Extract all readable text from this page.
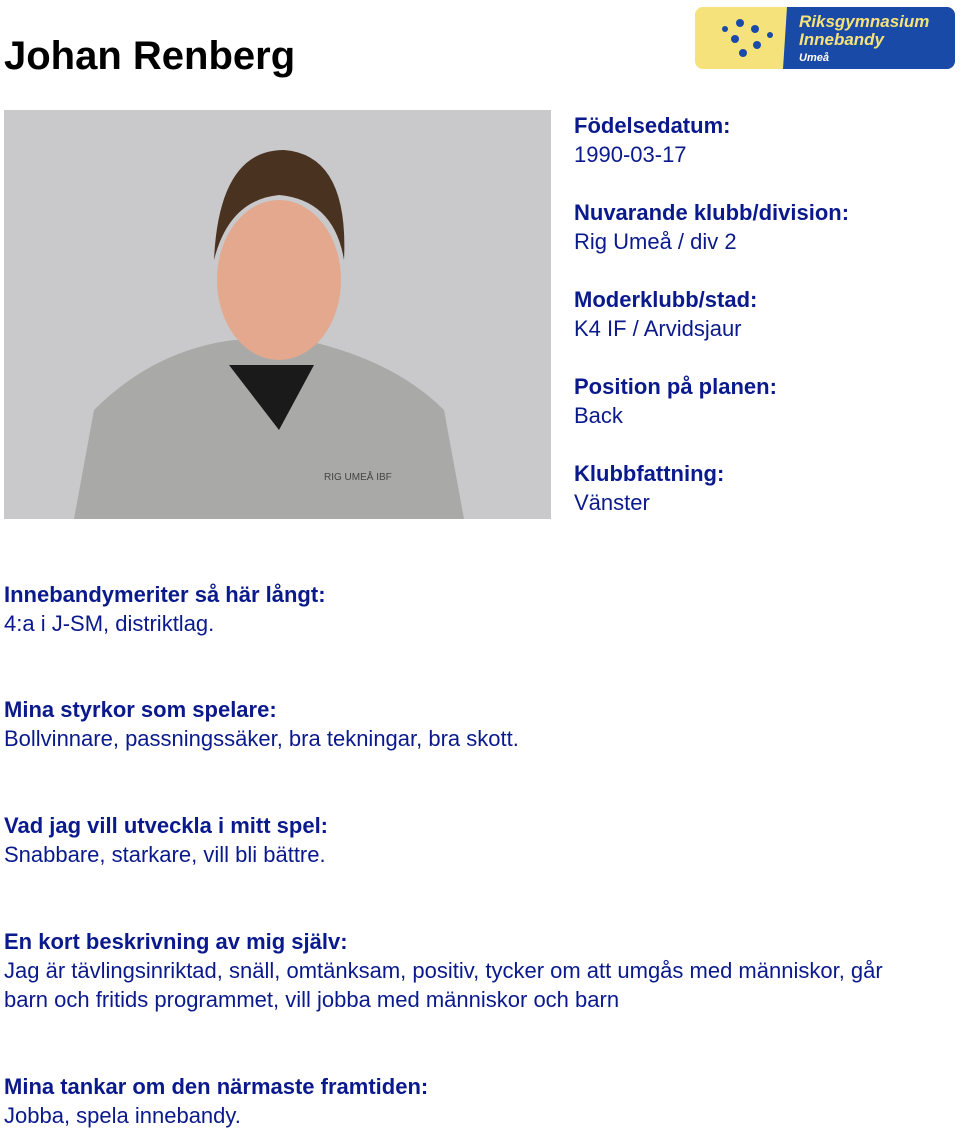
Johan Renberg
Riksgymnasium
Innebandy
Umeå
RIG UMEÅ IBF
Födelsedatum:
1990-03-17
Nuvarande klubb/division:
Rig Umeå / div 2
Moderklubb/stad:
K4 IF / Arvidsjaur
Position på planen:
Back
Klubbfattning:
Vänster
Innebandymeriter så här långt:
4:a i J-SM, distriktlag.
Mina styrkor som spelare:
Bollvinnare, passningssäker, bra tekningar, bra skott.
Vad jag vill utveckla i mitt spel:
Snabbare, starkare, vill bli bättre.
En kort beskrivning av mig själv:
Jag är tävlingsinriktad, snäll, omtänksam, positiv, tycker om att umgås med människor, går barn och fritids programmet, vill jobba med människor och barn
Mina tankar om den närmaste framtiden:
Jobba, spela innebandy.
